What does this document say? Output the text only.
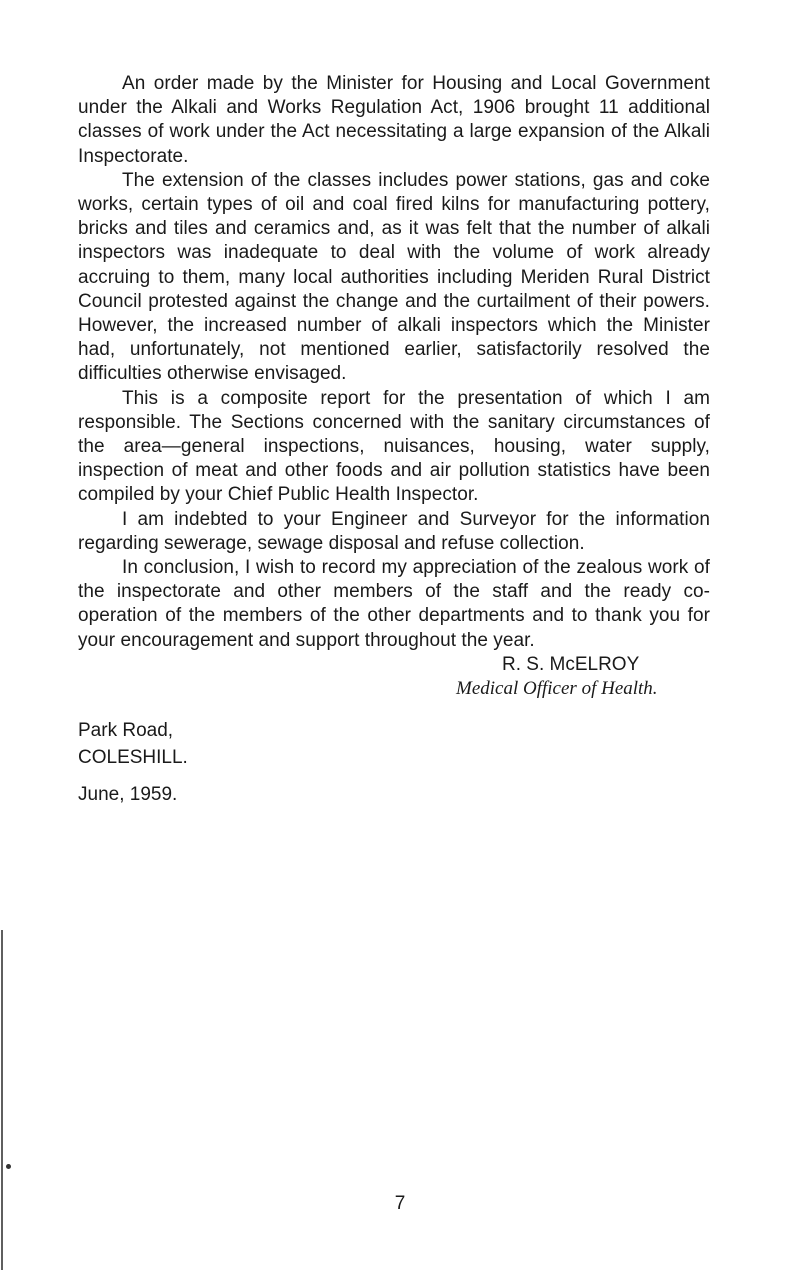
An order made by the Minister for Housing and Local Government under the Alkali and Works Regulation Act, 1906 brought 11 additional classes of work under the Act necessitating a large expansion of the Alkali Inspectorate.

The extension of the classes includes power stations, gas and coke works, certain types of oil and coal fired kilns for manufacturing pottery, bricks and tiles and ceramics and, as it was felt that the number of alkali inspectors was inadequate to deal with the volume of work already accruing to them, many local authorities including Meriden Rural District Council protested against the change and the curtailment of their powers. However, the increased number of alkali inspectors which the Minister had, unfortunately, not mentioned earlier, satisfactorily resolved the difficulties otherwise envisaged.

This is a composite report for the presentation of which I am responsible. The Sections concerned with the sanitary circumstances of the area—general inspections, nuisances, housing, water supply, inspection of meat and other foods and air pollution statistics have been compiled by your Chief Public Health Inspector.

I am indebted to your Engineer and Surveyor for the information regarding sewerage, sewage disposal and refuse collection.

In conclusion, I wish to record my appreciation of the zealous work of the inspectorate and other members of the staff and the ready co-operation of the members of the other departments and to thank you for your encouragement and support throughout the year.

R. S. McELROY

Medical Officer of Health.

Park Road,
COLESHILL.
June, 1959.
7
